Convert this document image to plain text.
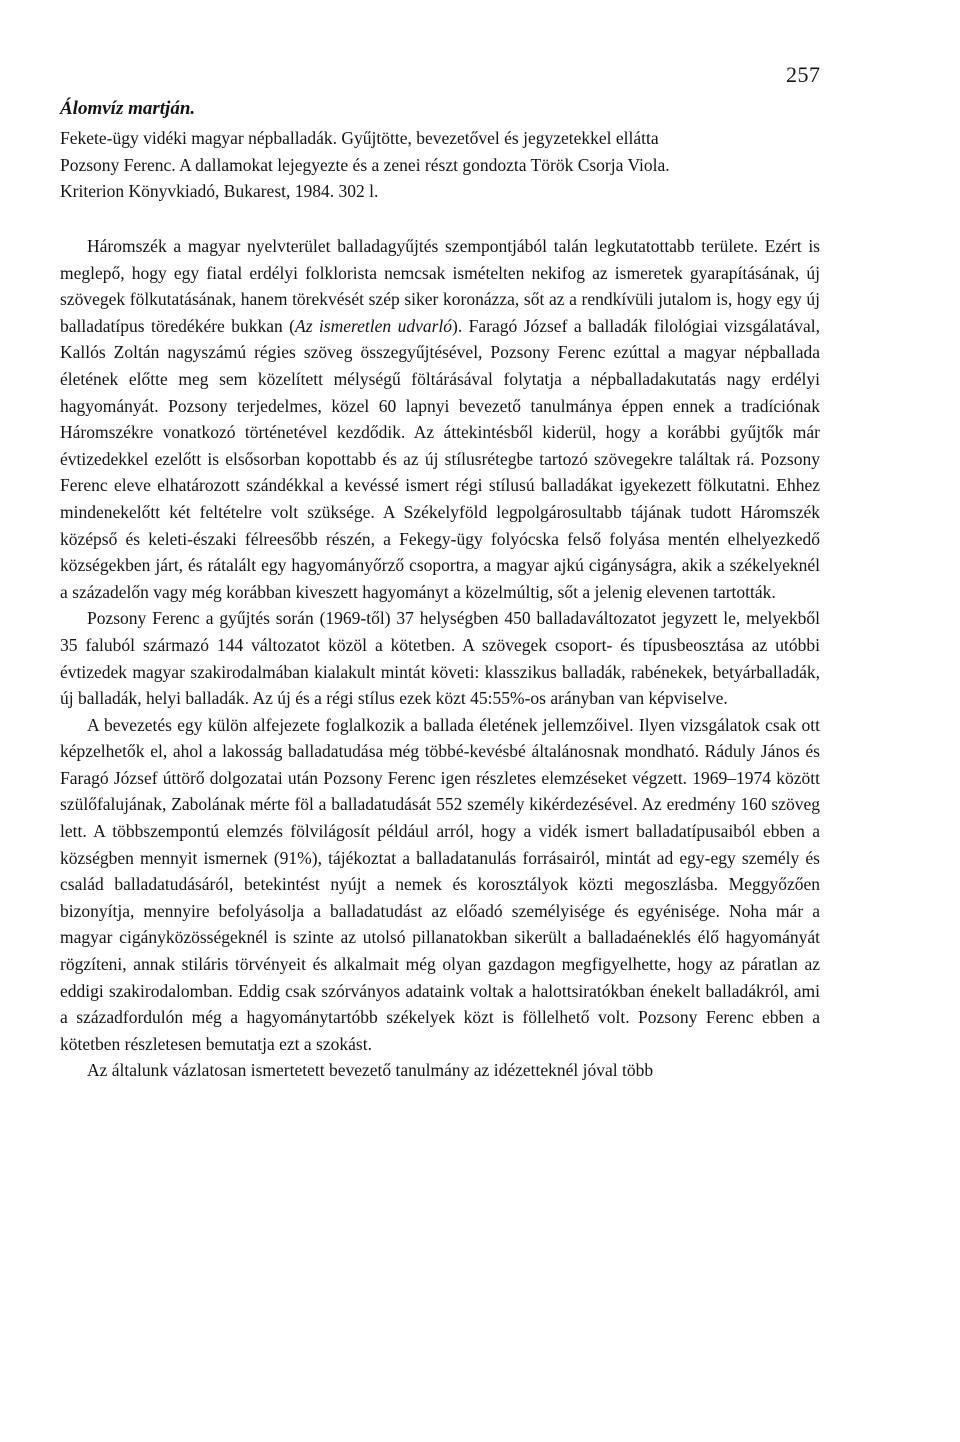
257

Álomvíz martján.

Fekete-ügy vidéki magyar népballadák. Gyűjtötte, bevezetővel és jegyzetekkel ellátta

Pozsony Ferenc. A dallamokat lejegyezte és a zenei részt gondozta Török Csorja Viola.

Kriterion Könyvkiadó, Bukarest, 1984. 302 l.

Háromszék a magyar nyelvterület balladagyűjtés szempontjából talán legkutatottabb területe. Ezért is meglepő, hogy egy fiatal erdélyi folklorista nemcsak ismételten nekifog az ismeretek gyarapításának, új szövegek fölkutatásának, hanem törekvését szép siker koronázza, sőt az a rendkívüli jutalom is, hogy egy új balladatípus töredékére bukkan (Az ismeretlen udvarló). Faragó József a balladák filológiai vizsgálatával, Kallós Zoltán nagyszámú régies szöveg összegyűjtésével, Pozsony Ferenc ezúttal a magyar népballada életének előtte meg sem közelített mélységű föltárásával folytatja a népballadakutatás nagy erdélyi hagyományát. Pozsony terjedelmes, közel 60 lapnyi bevezető tanulmánya éppen ennek a tradíciónak Háromszékre vonatkozó történetével kezdődik. Az áttekintésből kiderül, hogy a korábbi gyűjtők már évtizedekkel ezelőtt is elsősorban kopottabb és az új stílusrétegbe tartozó szövegekre találtak rá. Pozsony Ferenc eleve elhatározott szándékkal a kevéssé ismert régi stílusú balladákat igyekezett fölkutatni. Ehhez mindenekelőtt két feltételre volt szüksége. A Székelyföld legpolgárosultabb tájának tudott Háromszék középső és keleti-északi félreesőbb részén, a Fekegy-ügy folyócska felső folyása mentén elhelyezkedő községekben járt, és rátalált egy hagyományőrző csoportra, a magyar ajkú cigányságra, akik a székelyeknél a századelőn vagy még korábban kiveszett hagyományt a közelmúltig, sőt a jelenig elevenen tartották.

Pozsony Ferenc a gyűjtés során (1969-től) 37 helységben 450 balladaváltozatot jegyzett le, melyekből 35 faluból származó 144 változatot közöl a kötetben. A szövegek csoport- és típusbeosztása az utóbbi évtizedek magyar szakirodalmában kialakult mintát követi: klasszikus balladák, rabénekek, betyárballadák, új balladák, helyi balladák. Az új és a régi stílus ezek közt 45:55%-os arányban van képviselve.

A bevezetés egy külön alfejezete foglalkozik a ballada életének jellemzőivel. Ilyen vizsgálatok csak ott képzelhetők el, ahol a lakosság balladatudása még többé-kevésbé általánosnak mondható. Ráduly János és Faragó József úttörő dolgozatai után Pozsony Ferenc igen részletes elemzéseket végzett. 1969–1974 között szülőfalujának, Zabolának mérte föl a balladatudását 552 személy kikérdezésével. Az eredmény 160 szöveg lett. A többszempontú elemzés fölvilágosít például arról, hogy a vidék ismert balladatípusaiból ebben a községben mennyit ismernek (91%), tájékoztat a balladatanulás forrásairól, mintát ad egy-egy személy és család balladatudásáról, betekintést nyújt a nemek és korosztályok közti megoszlásba. Meggyőzően bizonyítja, mennyire befolyásolja a balladatudást az előadó személyisége és egyénisége. Noha már a magyar cigányközösségeknél is szinte az utolsó pillanatokban sikerült a balladaéneklés élő hagyományát rögzíteni, annak stiláris törvényeit és alkalmait még olyan gazdagon megfigyelhette, hogy az páratlan az eddigi szakirodalomban. Eddig csak szórványos adataink voltak a halottsiratókban énekelt balladákról, ami a századfordulón még a hagyománytartóbb székelyek közt is föllelhető volt. Pozsony Ferenc ebben a kötetben részletesen bemutatja ezt a szokást.

Az általunk vázlatosan ismertetett bevezető tanulmány az idézetteknél jóval több
